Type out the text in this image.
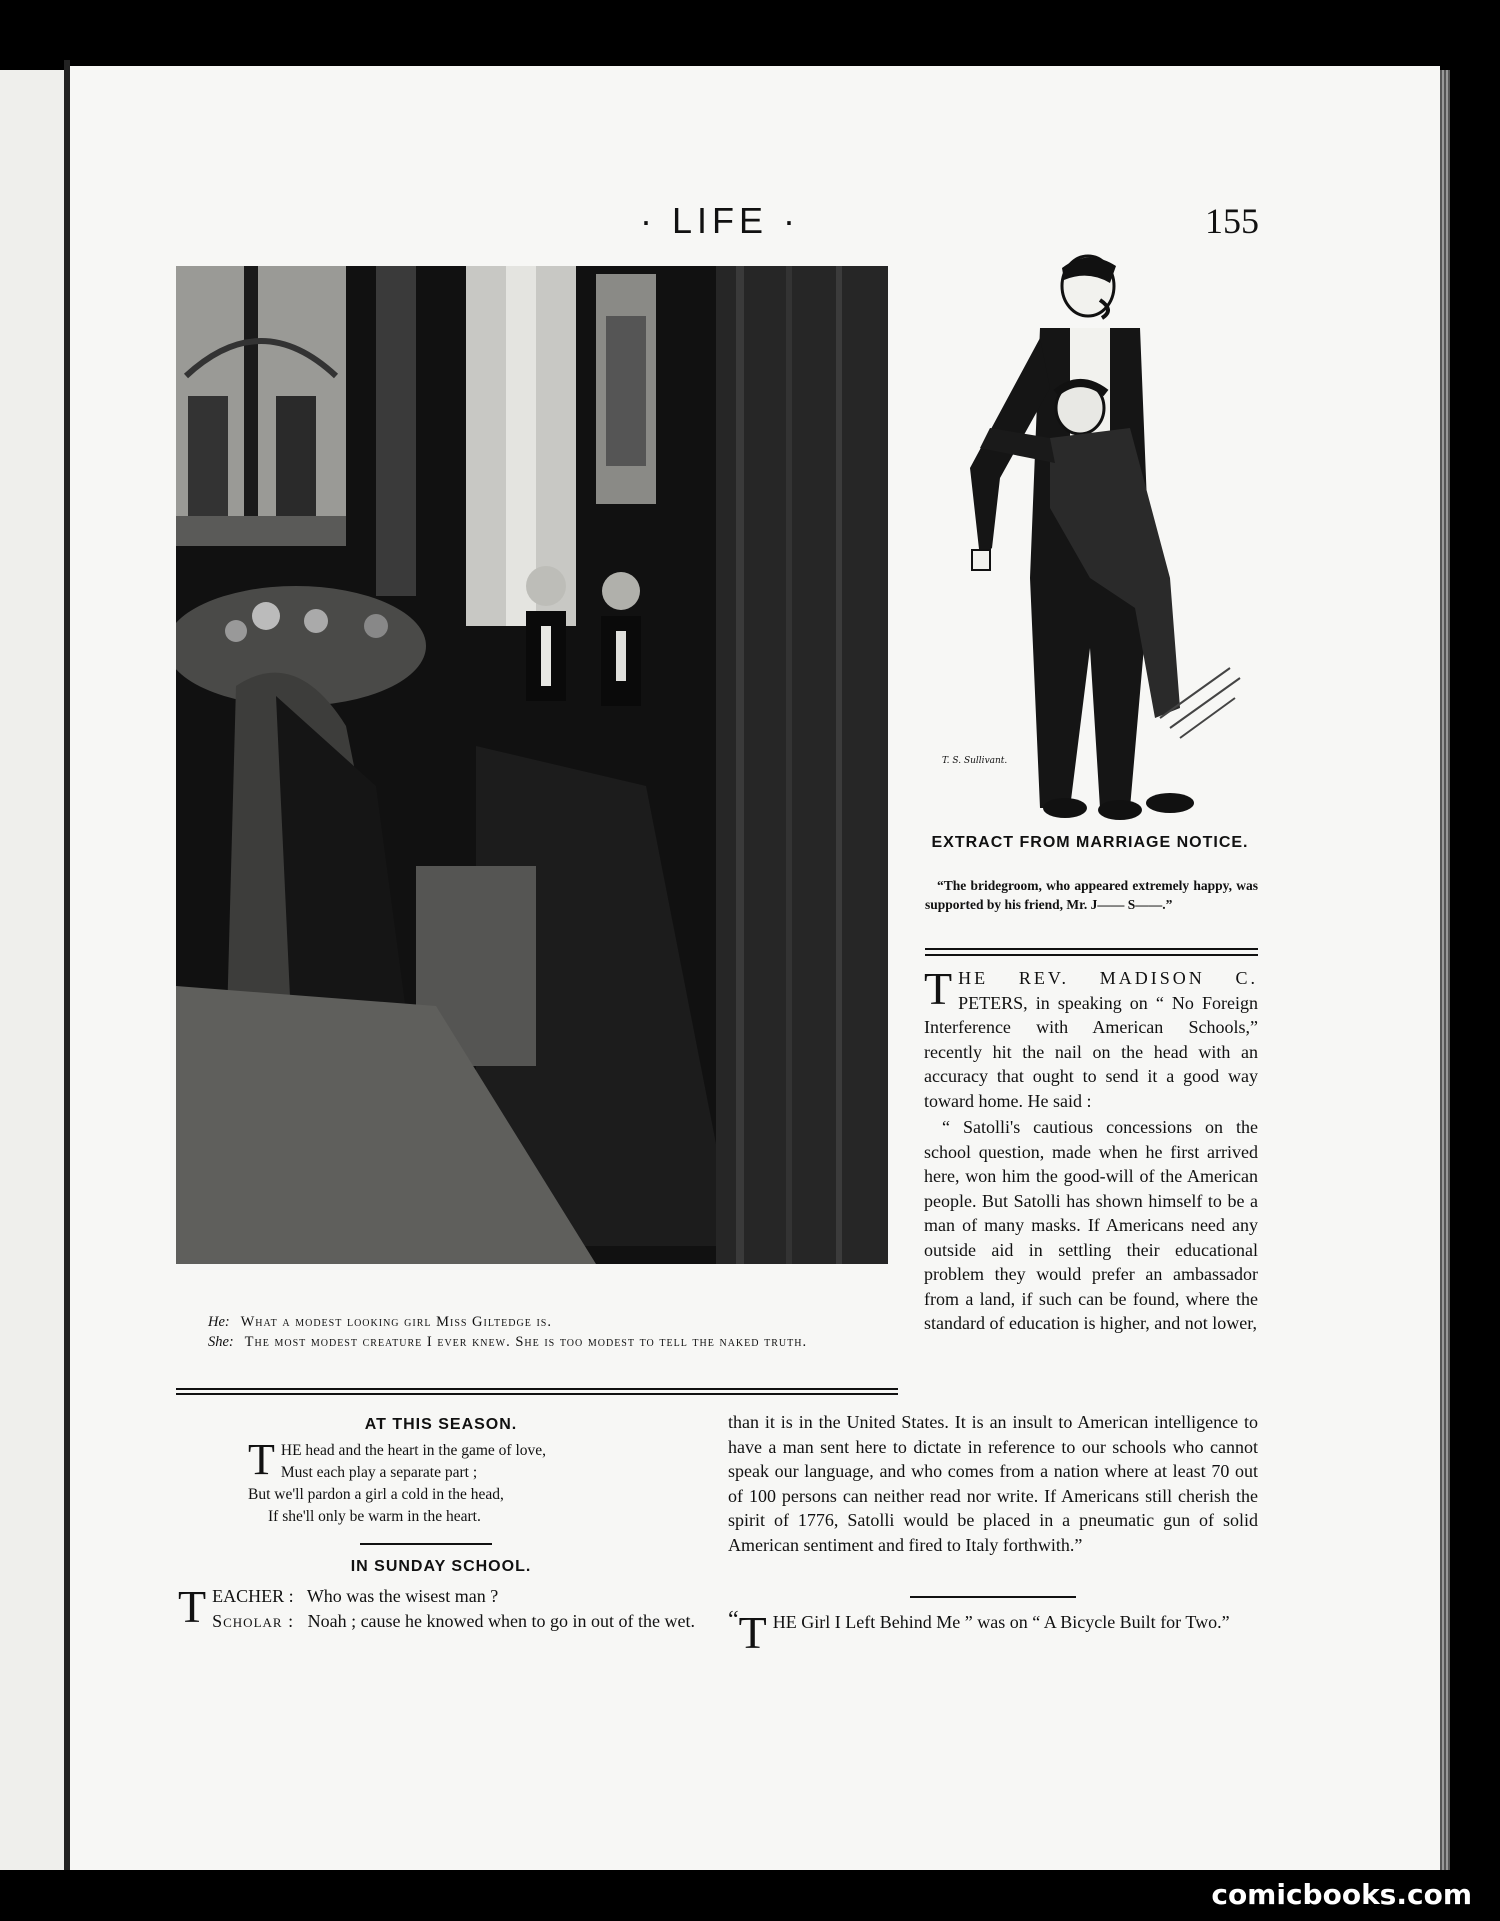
· LIFE ·	155
He: What a modest looking girl Miss Giltedge is.
She: The most modest creature I ever knew. She is too modest to tell the naked truth.
T. S. Sullivant.
EXTRACT FROM MARRIAGE NOTICE.
“The bridegroom, who appeared extremely happy, was supported by his friend, Mr. J—— S——.”
THE REV. MADISON C. PETERS, in speaking on “ No Foreign Interference with American Schools,” recently hit the nail on the head with an accuracy that ought to send it a good way toward home. He said :
“ Satolli's cautious concessions on the school question, made when he first arrived here, won him the good-will of the American people. But Satolli has shown himself to be a man of many masks. If Americans need any outside aid in settling their educational problem they would prefer an ambassador from a land, if such can be found, where the standard of education is higher, and not lower,
than it is in the United States. It is an insult to American intelligence to have a man sent here to dictate in reference to our schools who cannot speak our language, and who comes from a nation where at least 70 out of 100 persons can neither read nor write. If Americans still cherish the spirit of 1776, Satolli would be placed in a pneumatic gun of solid American sentiment and fired to Italy forthwith.”
“ T HE Girl I Left Behind Me ” was on “ A Bicycle Built for Two.”
AT THIS SEASON.
T HE head and the heart in the game of love,
Must each play a separate part ;
But we'll pardon a girl a cold in the head,
If she'll only be warm in the heart.
IN SUNDAY SCHOOL.
TEACHER : Who was the wisest man ?
Scholar : Noah ; cause he knowed when to go in out of the wet.
comicbooks.com
